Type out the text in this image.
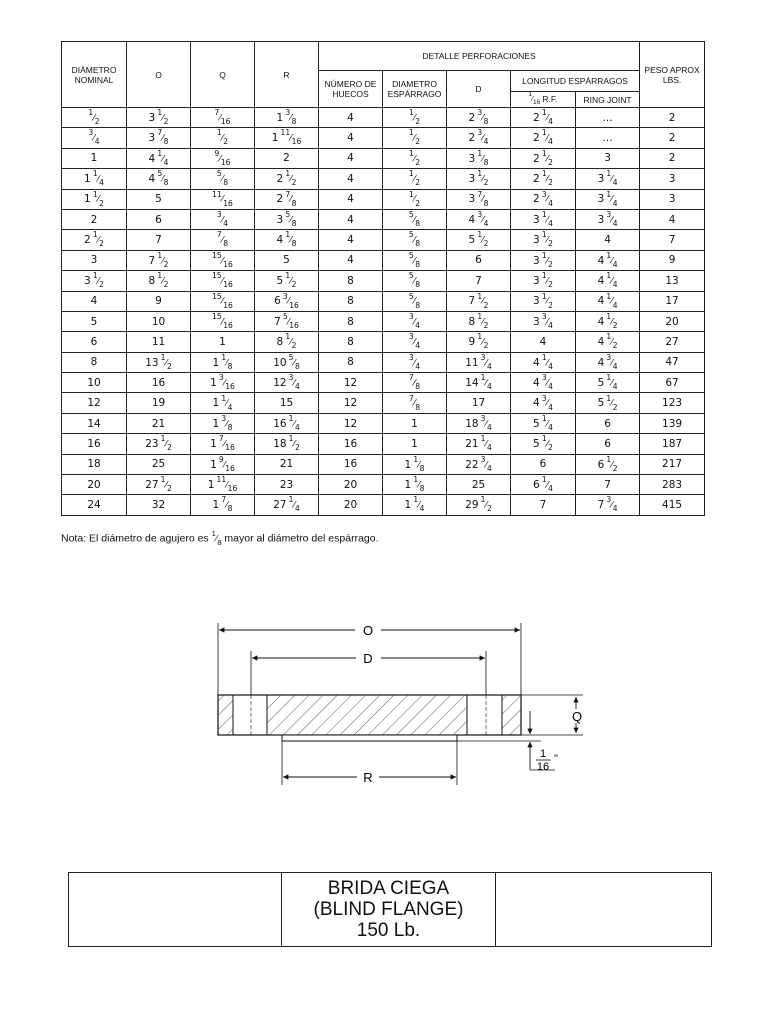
DIÁMETRO NOMINAL	O	Q	R	DETALLE PERFORACIONES					PESO APROX LBS.
				NÚMERO DE HUECOS	DIAMETRO ESPÁRRAGO	D	LONGITUD ESPÁRRAGOS		
							$^1⁄_{16}$ R.F.	RING JOINT	
$^1⁄_2$	3  $^1⁄_2$	$^7⁄_{16}$	1  $^3⁄_8$	4	$^1⁄_2$	2  $^3⁄_8$	2  $^1⁄_4$	...	2
$^3⁄_4$	3  $^7⁄_8$	$^1⁄_2$	1  $^{11}⁄_{16}$	4	$^1⁄_2$	2  $^3⁄_4$	2  $^1⁄_4$	...	2
1	4  $^1⁄_4$	$^9⁄_{16}$	2	4	$^1⁄_2$	3  $^1⁄_8$	2  $^1⁄_2$	3	2
1  $^1⁄_4$	4  $^5⁄_8$	$^5⁄_8$	2  $^1⁄_2$	4	$^1⁄_2$	3  $^1⁄_2$	2  $^1⁄_2$	3  $^1⁄_4$	3
1  $^1⁄_2$	5	$^{11}⁄_{16}$	2  $^7⁄_8$	4	$^1⁄_2$	3  $^7⁄_8$	2  $^3⁄_4$	3  $^1⁄_4$	3
2	6	$^3⁄_4$	3  $^5⁄_8$	4	$^5⁄_8$	4  $^3⁄_4$	3  $^1⁄_4$	3  $^3⁄_4$	4
2  $^1⁄_2$	7	$^7⁄_8$	4  $^1⁄_8$	4	$^5⁄_8$	5  $^1⁄_2$	3  $^1⁄_2$	4	7
3	7  $^1⁄_2$	$^{15}⁄_{16}$	5	4	$^5⁄_8$	6	3  $^1⁄_2$	4  $^1⁄_4$	9
3  $^1⁄_2$	8  $^1⁄_2$	$^{15}⁄_{16}$	5  $^1⁄_2$	8	$^5⁄_8$	7	3  $^1⁄_2$	4  $^1⁄_4$	13
4	9	$^{15}⁄_{16}$	6  $^3⁄_{16}$	8	$^5⁄_8$	7  $^1⁄_2$	3  $^1⁄_2$	4  $^1⁄_4$	17
5	10	$^{15}⁄_{16}$	7  $^5⁄_{16}$	8	$^3⁄_4$	8  $^1⁄_2$	3  $^3⁄_4$	4  $^1⁄_2$	20
6	11	1	8  $^1⁄_2$	8	$^3⁄_4$	9  $^1⁄_2$	4	4  $^1⁄_2$	27
8	13  $^1⁄_2$	1  $^1⁄_8$	10  $^5⁄_8$	8	$^3⁄_4$	11  $^3⁄_4$	4  $^1⁄_4$	4  $^3⁄_4$	47
10	16	1  $^3⁄_{16}$	12  $^3⁄_4$	12	$^7⁄_8$	14  $^1⁄_4$	4  $^3⁄_4$	5  $^1⁄_4$	67
12	19	1  $^1⁄_4$	15	12	$^7⁄_8$	17	4  $^3⁄_4$	5  $^1⁄_2$	123
14	21	1  $^3⁄_8$	16  $^1⁄_4$	12	1	18  $^3⁄_4$	5  $^1⁄_4$	6	139
16	23  $^1⁄_2$	1  $^7⁄_{16}$	18  $^1⁄_2$	16	1	21  $^1⁄_4$	5  $^1⁄_2$	6	187
18	25	1  $^9⁄_{16}$	21	16	1  $^1⁄_8$	22  $^3⁄_4$	6	6  $^1⁄_2$	217
20	27  $^1⁄_2$	1  $^{11}⁄_{16}$	23	20	1  $^1⁄_8$	25	6  $^1⁄_4$	7	283
24	32	1  $^7⁄_8$	27  $^1⁄_4$	20	1  $^1⁄_4$	29  $^1⁄_2$	7	7  $^3⁄_4$	415
Nota: El diámetro de agujero es $^1⁄_8$ mayor al diámetro del espárrago.
O
D
R
Q
1
16
"

BRIDA CIEGA
(BLIND FLANGE)
150 Lb.
